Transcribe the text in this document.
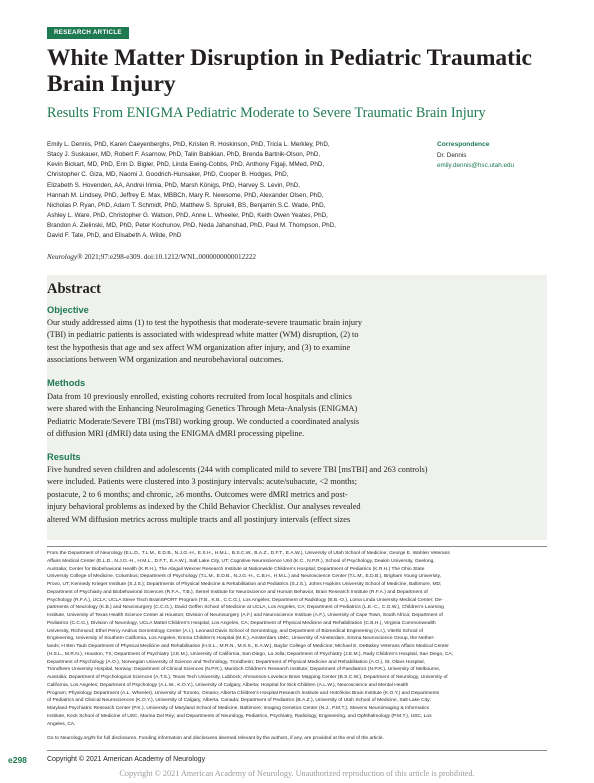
RESEARCH ARTICLE
White Matter Disruption in Pediatric Traumatic
Brain Injury
Results From ENIGMA Pediatric Moderate to Severe Traumatic Brain Injury
Emily L. Dennis, PhD, Karen Caeyenberghs, PhD, Kristen R. Hoskinson, PhD, Tricia L. Merkley, PhD,
Stacy J. Suskauer, MD, Robert F. Asarnow, PhD, Talin Babikian, PhD, Brenda Bartnik-Olson, PhD,
Kevin Bickart, MD, PhD, Erin D. Bigler, PhD, Linda Ewing-Cobbs, PhD, Anthony Figaji, MMed, PhD,
Christopher C. Giza, MD, Naomi J. Goodrich-Hunsaker, PhD, Cooper B. Hodges, PhD,
Elizabeth S. Hovenden, AA, Andrei Irimia, PhD, Marsh Königs, PhD, Harvey S. Levin, PhD,
Hannah M. Lindsey, PhD, Jeffrey E. Max, MBBCh, Mary R. Newsome, PhD, Alexander Olsen, PhD,
Nicholas P. Ryan, PhD, Adam T. Schmidt, PhD, Matthew S. Spruiell, BS, Benjamin S.C. Wade, PhD,
Ashley L. Ware, PhD, Christopher G. Watson, PhD, Anne L. Wheeler, PhD, Keith Owen Yeates, PhD,
Brandon A. Zielinski, MD, PhD, Peter Kochunov, PhD, Neda Jahanshad, PhD, Paul M. Thompson, PhD,
David F. Tate, PhD, and Elisabeth A. Wilde, PhD
Correspondence
Dr. Dennis
emily.dennis@hsc.utah.edu
Neurology® 2021;97:e298-e309. doi:10.1212/WNL.0000000000012222
Abstract
Objective
Our study addressed aims (1) to test the hypothesis that moderate-severe traumatic brain injury
(TBI) in pediatric patients is associated with widespread white matter (WM) disruption, (2) to
test the hypothesis that age and sex affect WM organization after injury, and (3) to examine
associations between WM organization and neurobehavioral outcomes.
Methods
Data from 10 previously enrolled, existing cohorts recruited from local hospitals and clinics
were shared with the Enhancing NeuroImaging Genetics Through Meta-Analysis (ENIGMA)
Pediatric Moderate/Severe TBI (msTBI) working group. We conducted a coordinated analysis
of diffusion MRI (dMRI) data using the ENIGMA dMRI processing pipeline.
Results
Five hundred seven children and adolescents (244 with complicated mild to severe TBI [msTBI] and 263 controls)
were included. Patients were clustered into 3 postinjury intervals: acute/subacute, <2 months;
postacute, 2 to 6 months; and chronic, ≥6 months. Outcomes were dMRI metrics and post-
injury behavioral problems as indexed by the Child Behavior Checklist. Our analyses revealed
altered WM diffusion metrics across multiple tracts and all postinjury intervals (effect sizes
From the Department of Neurology (E.L.D., T.L.M., E.D.B., N.J.G.-H., E.S.H., H.M.L., B.S.C.W., B.A.Z., D.F.T., E.A.W.), University of Utah School of Medicine; George E. Wahlen Veterans
Affairs Medical Center (E.L.D., N.J.G.-H., H.M.L., D.F.T., E.A.W.), Salt Lake City, UT; Cognitive Neuroscience Unit (K.C., N.P.R.), School of Psychology, Deakin University, Geelong,
Australia; Center for Biobehavioral Health (K.R.H.), The Abigail Wexner Research Institute at Nationwide Children's Hospital; Department of Pediatrics (K.R.H.) The Ohio State
University College of Medicine, Columbus; Department of Psychology (T.L.M., E.D.B., N.J.G.-H., C.B.H., H.M.L.) and Neuroscience Center (T.L.M., E.D.B.), Brigham Young University,
Provo, UT; Kennedy Krieger Institute (S.J.S.); Departments of Physical Medicine & Rehabilitation and Pediatrics (S.J.S.), Johns Hopkins University School of Medicine, Baltimore, MD;
Department of Psychiatry and Biobehavioral Sciences (R.F.A., T.B.), Semel Institute for Neuroscience and Human Behavior, Brain Research Institute (R.F.A.) and Department of
Psychology (R.F.A.), UCLA; UCLA Steve Tisch BrainSPORT Program (T.B., K.B., C.C.G.), Los Angeles; Department of Radiology (B.B.-O.), Loma Linda University Medical Center; De-
partments of Neurology (K.B.) and Neurosurgery (C.C.G.), David Geffen School of Medicine at UCLA, Los Angeles, CA; Department of Pediatrics (L.E.-C., C.G.W.), Children's Learning
Institute, University of Texas Health Science Center at Houston; Division of Neurosurgery (A.F.) and Neuroscience Institute (A.F.), University of Cape Town, South Africa; Department of
Pediatrics (C.C.G.), Division of Neurology, UCLA Mattel Children's Hospital, Los Angeles, CA; Department of Physical Medicine and Rehabilitation (C.B.H.), Virginia Commonwealth
University, Richmond; Ethel Percy Andrus Gerontology Center (A.I.), Leonard Davis School of Gerontology, and Department of Biomedical Engineering (A.I.), Viterbi School of
Engineering, University of Southern California, Los Angeles; Emma Children's Hospital (M.K.), Amsterdam UMC, University of Amsterdam, Emma Neuroscience Group, the Nether-
lands; H Ben Taub Department of Physical Medicine and Rehabilitation (H.S.L., M.R.N., M.S.S., E.A.W.), Baylor College of Medicine; Michael E. DeBakey Veterans Affairs Medical Center
(H.S.L., M.R.N.), Houston, TX; Department of Psychiatry (J.E.M.), University of California, San Diego, La Jolla; Department of Psychiatry (J.E.M.), Rady Children's Hospital, San Diego, CA;
Department of Psychology (A.O.), Norwegian University of Science and Technology, Trondheim; Department of Physical Medicine and Rehabilitation (A.O.), St. Olavs Hospital,
Trondheim University Hospital, Norway; Department of Clinical Sciences (N.P.R.), Murdoch Children's Research Institute; Department of Paediatrics (N.P.R.), University of Melbourne,
Australia; Department of Psychological Sciences (A.T.S.), Texas Tech University, Lubbock; Ahmanson-Lovelace Brain Mapping Center (B.S.C.W.), Department of Neurology, University of
California, Los Angeles; Department of Psychology (A.L.W., K.O.Y.), University of Calgary, Alberta; Hospital for Sick Children (A.L.W.), Neuroscience and Mental Health
Program; Physiology Department (A.L. Wheeler), University of Toronto, Ontario; Alberta Children's Hospital Research Institute and Hotchkiss Brain Institute (K.O.Y.) and Departments
of Pediatrics and Clinical Neurosciences (K.O.Y.), University of Calgary, Alberta, Canada; Department of Pediatrics (B.A.Z.), University of Utah School of Medicine, Salt Lake City;
Maryland Psychiatric Research Center (P.K.), University of Maryland School of Medicine, Baltimore; Imaging Genetics Center (N.J., P.M.T.), Stevens Neuroimaging & Informatics
Institute, Keck School of Medicine of USC, Marina Del Rey; and Departments of Neurology, Pediatrics, Psychiatry, Radiology, Engineering, and Ophthalmology (P.M.T.), USC, Los
Angeles, CA.
Go to Neurology.org/N for full disclosures. Funding information and disclosures deemed relevant by the authors, if any, are provided at the end of the article.
e298	Copyright © 2021 American Academy of Neurology
Copyright © 2021 American Academy of Neurology. Unauthorized reproduction of this article is prohibited.
